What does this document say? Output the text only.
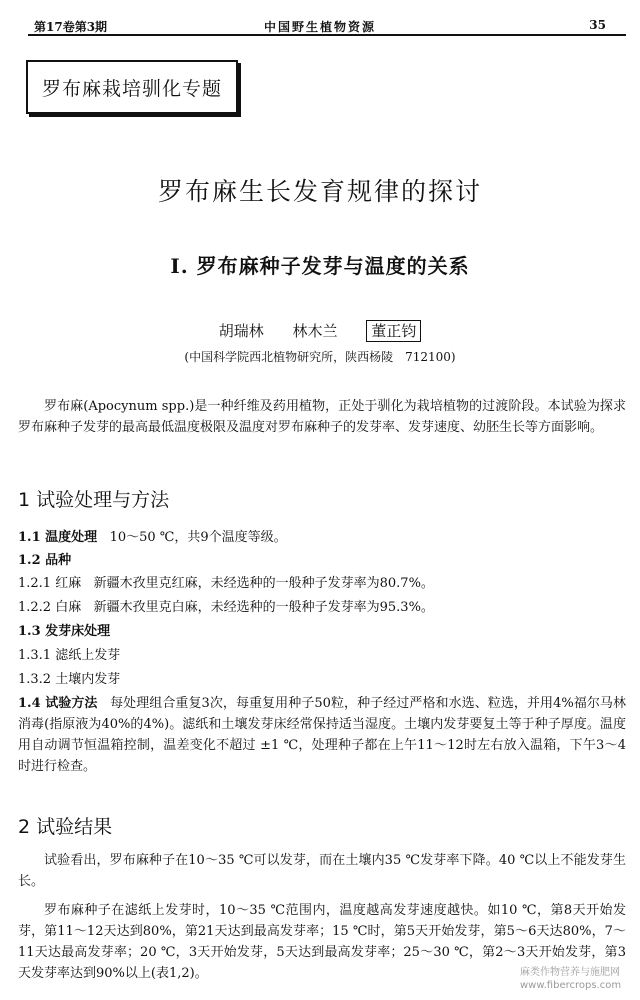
第17卷第3期	中国野生植物资源	35
罗布麻栽培驯化专题
罗布麻生长发育规律的探讨
I. 罗布麻种子发芽与温度的关系
胡瑞林 林木兰 董正钧
(中国科学院西北植物研究所，陕西杨陵　712100)
罗布麻(Apocynum spp.)是一种纤维及药用植物，正处于驯化为栽培植物的过渡阶段。本试验为探求罗布麻种子发芽的最高最低温度极限及温度对罗布麻种子的发芽率、发芽速度、幼胚生长等方面影响。
1 试验处理与方法
1.1 温度处理 10～50 ℃，共9个温度等级。
1.2 品种
1.2.1 红麻 新疆木孜里克红麻，未经选种的一般种子发芽率为80.7%。
1.2.2 白麻 新疆木孜里克白麻，未经选种的一般种子发芽率为95.3%。
1.3 发芽床处理
1.3.1 滤纸上发芽
1.3.2 土壤内发芽
1.4 试验方法 每处理组合重复3次，每重复用种子50粒，种子经过严格和水选、粒选，并用4%福尔马林消毒(指原液为40%的4%)。滤纸和土壤发芽床经常保持适当湿度。土壤内发芽要复土等于种子厚度。温度用自动调节恒温箱控制，温差变化不超过 ±1 ℃，处理种子都在上午11～12时左右放入温箱，下午3～4时进行检查。
2 试验结果
试验看出，罗布麻种子在10～35 ℃可以发芽，而在土壤内35 ℃发芽率下降。40 ℃以上不能发芽生长。
罗布麻种子在滤纸上发芽时，10～35 ℃范围内，温度越高发芽速度越快。如10 ℃，第8天开始发芽，第11～12天达到80%，第21天达到最高发芽率；15 ℃时，第5天开始发芽，第5～6天达80%，7～11天达最高发芽率；20 ℃，3天开始发芽，5天达到最高发芽率；25～30 ℃，第2～3天开始发芽，第3天发芽率达到90%以上(表1,2)。	麻类作物营养与施肥网
www.fibercrops.com
